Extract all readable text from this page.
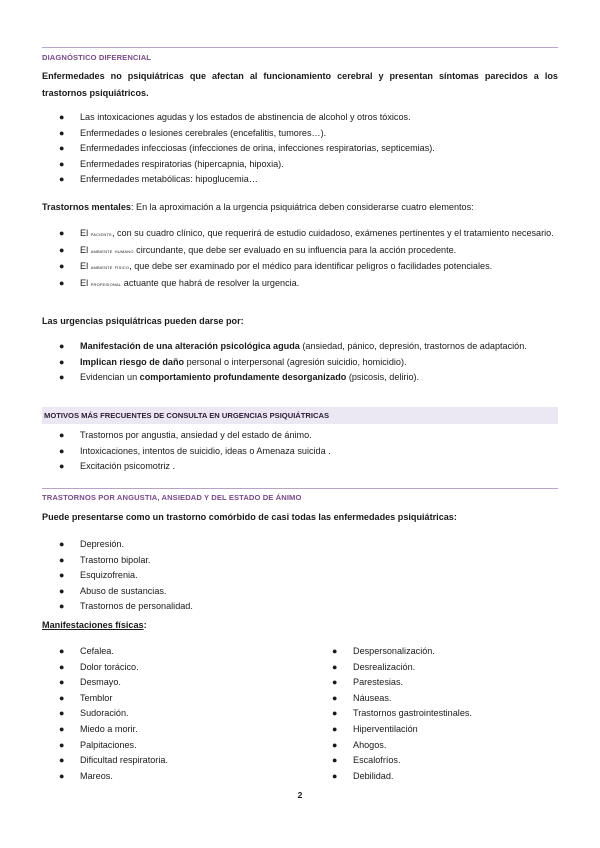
DIAGNÓSTICO DIFERENCIAL
Enfermedades no psiquiátricas que afectan al funcionamiento cerebral y presentan síntomas parecidos a los trastornos psiquiátricos.
● Las intoxicaciones agudas y los estados de abstinencia de alcohol y otros tóxicos.
● Enfermedades o lesiones cerebrales (encefalitis, tumores…).
● Enfermedades infecciosas (infecciones de orina, infecciones respiratorias, septicemias).
● Enfermedades respiratorias (hipercapnia, hipoxia).
● Enfermedades metabólicas: hipoglucemia…
Trastornos mentales: En la aproximación a la urgencia psiquiátrica deben considerarse cuatro elementos:
● El paciente, con su cuadro clínico, que requerirá de estudio cuidadoso, exámenes pertinentes y el tratamiento necesario.
● El ambiente humano circundante, que debe ser evaluado en su influencia para la acción procedente.
● El ambiente físico, que debe ser examinado por el médico para identificar peligros o facilidades potenciales.
● El profesional actuante que habrá de resolver la urgencia.
Las urgencias psiquiátricas pueden darse por:
● Manifestación de una alteración psicológica aguda (ansiedad, pánico, depresión, trastornos de adaptación.
● Implican riesgo de daño personal o interpersonal (agresión suicidio, homicidio).
● Evidencian un comportamiento profundamente desorganizado (psicosis, delirio).
MOTIVOS MÁS FRECUENTES DE CONSULTA EN URGENCIAS PSIQUIÁTRICAS
● Trastornos por angustia, ansiedad y del estado de ánimo.
● Intoxicaciones, intentos de suicidio, ideas o Amenaza suicida .
● Excitación psicomotriz .
TRASTORNOS POR ANGUSTIA, ANSIEDAD Y DEL ESTADO DE ÁNIMO
Puede presentarse como un trastorno comórbido de casi todas las enfermedades psiquiátricas:
● Depresión.
● Trastorno bipolar.
● Esquizofrenia.
● Abuso de sustancias.
● Trastornos de personalidad.
Manifestaciones físicas:
● Cefalea.
● Dolor torácico.
● Desmayo.
● Temblor
● Sudoración.
● Miedo a morir.
● Palpitaciones.
● Dificultad respiratoria.
● Mareos.
● Despersonalización.
● Desrealización.
● Parestesias.
● Náuseas.
● Trastornos gastrointestinales.
● Hiperventilación
● Ahogos.
● Escalofríos.
● Debilidad.
2
